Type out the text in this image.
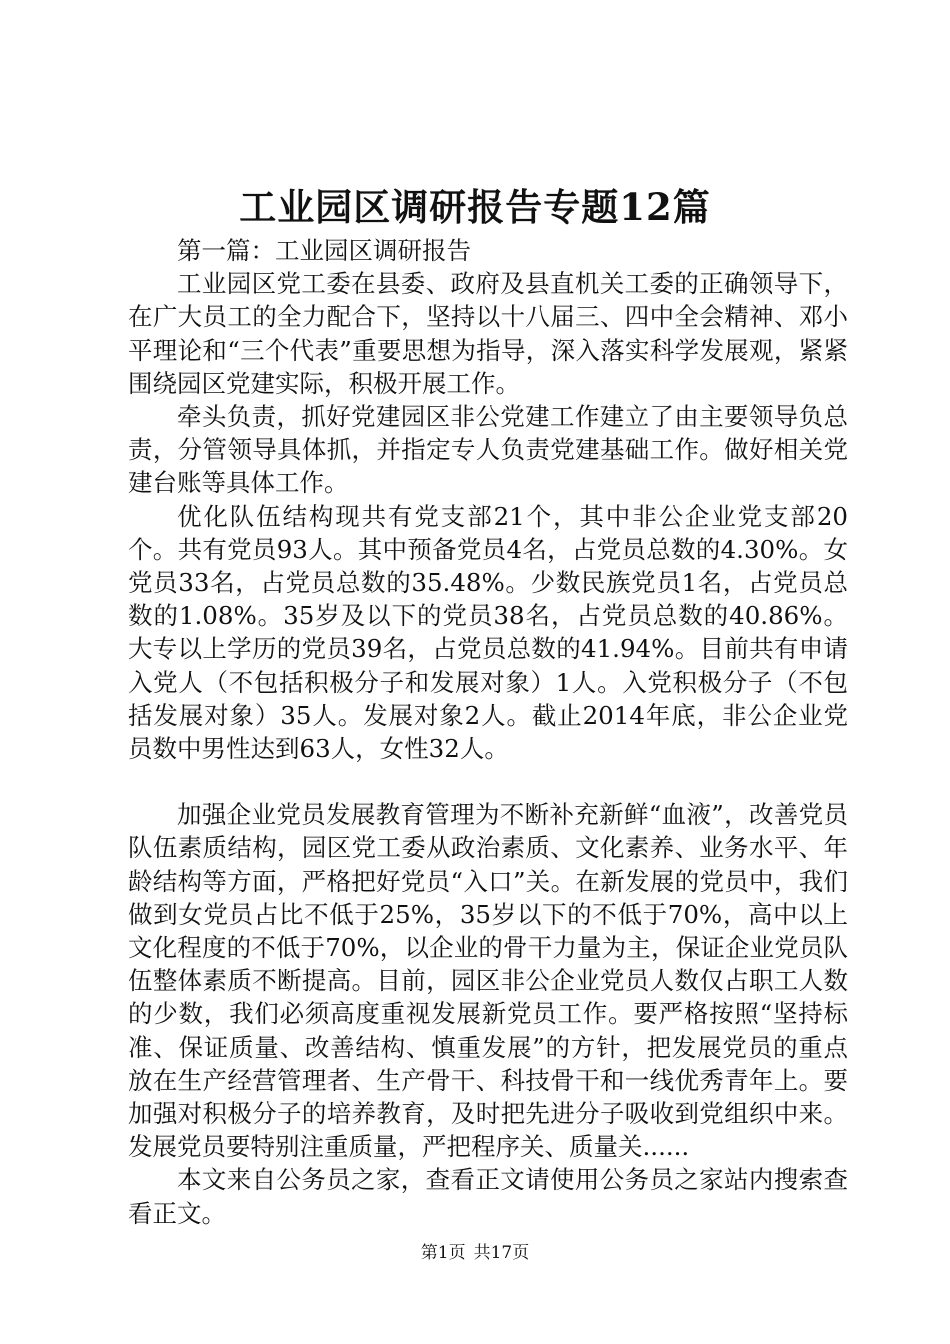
工业园区调研报告专题12篇

第一篇：工业园区调研报告

工业园区党工委在县委、政府及县直机关工委的正确领导下，在广大员工的全力配合下，坚持以十八届三、四中全会精神、邓小平理论和“三个代表”重要思想为指导，深入落实科学发展观，紧紧围绕园区党建实际，积极开展工作。

牵头负责，抓好党建园区非公党建工作建立了由主要领导负总责，分管领导具体抓，并指定专人负责党建基础工作。做好相关党建台账等具体工作。

优化队伍结构现共有党支部21个，其中非公企业党支部20个。共有党员93人。其中预备党员4名，占党员总数的4.30%。女党员33名，占党员总数的35.48%。少数民族党员1名，占党员总数的1.08%。35岁及以下的党员38名，占党员总数的40.86%。大专以上学历的党员39名，占党员总数的41.94%。目前共有申请入党人（不包括积极分子和发展对象）1人。入党积极分子（不包括发展对象）35人。发展对象2人。截止2014年底，非公企业党员数中男性达到63人，女性32人。

加强企业党员发展教育管理为不断补充新鲜“血液”，改善党员队伍素质结构，园区党工委从政治素质、文化素养、业务水平、年龄结构等方面，严格把好党员“入口”关。在新发展的党员中，我们做到女党员占比不低于25%，35岁以下的不低于70%，高中以上文化程度的不低于70%，以企业的骨干力量为主，保证企业党员队伍整体素质不断提高。目前，园区非公企业党员人数仅占职工人数的少数，我们必须高度重视发展新党员工作。要严格按照“坚持标准、保证质量、改善结构、慎重发展”的方针，把发展党员的重点放在生产经营管理者、生产骨干、科技骨干和一线优秀青年上。要加强对积极分子的培养教育，及时把先进分子吸收到党组织中来。发展党员要特别注重质量，严把程序关、质量关......

本文来自公务员之家，查看正文请使用公务员之家站内搜索查看正文。

第1页 共17页
